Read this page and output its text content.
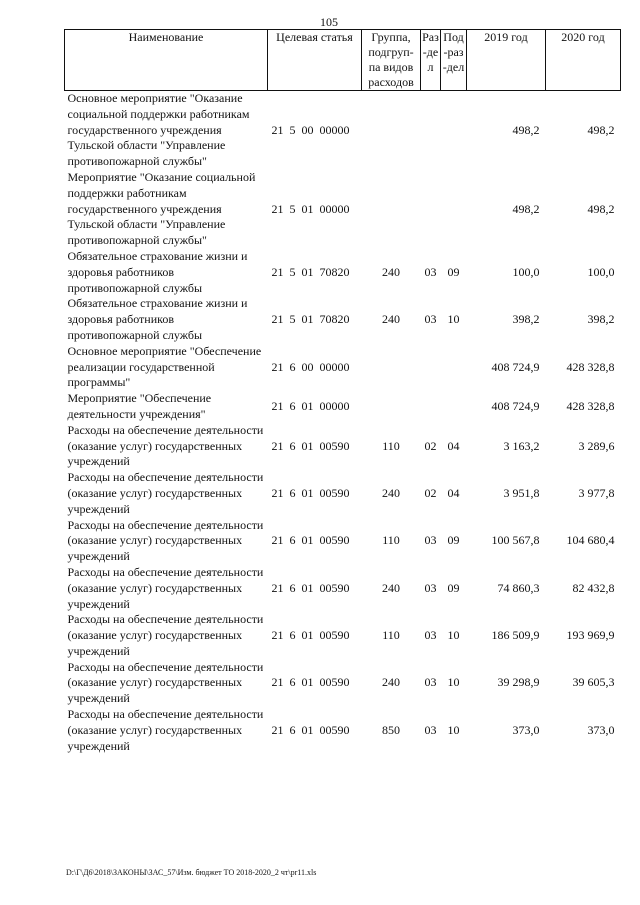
105
Наименование	Целевая статья	Группа, подгруп-па видов расходов	Раз-дел	Под-раз-дел	2019 год	2020 год
Основное мероприятие "Оказание социальной поддержки работникам государственного учреждения Тульской области "Управление противопожарной службы"	21  5  00  00000				498,2	498,2
Мероприятие "Оказание социальной поддержки работникам государственного учреждения Тульской области "Управление противопожарной службы"	21  5  01  00000				498,2	498,2
Обязательное страхование жизни и здоровья работников противопожарной службы	21  5  01  70820	240	03	09	100,0	100,0
Обязательное страхование жизни и здоровья работников противопожарной службы	21  5  01  70820	240	03	10	398,2	398,2
Основное мероприятие "Обеспечение реализации государственной программы"	21  6  00  00000				408 724,9	428 328,8
Мероприятие "Обеспечение деятельности учреждения"	21  6  01  00000				408 724,9	428 328,8
Расходы на обеспечение деятельности (оказание услуг) государственных учреждений	21  6  01  00590	110	02	04	3 163,2	3 289,6
Расходы на обеспечение деятельности (оказание услуг) государственных учреждений	21  6  01  00590	240	02	04	3 951,8	3 977,8
Расходы на обеспечение деятельности (оказание услуг) государственных учреждений	21  6  01  00590	110	03	09	100 567,8	104 680,4
Расходы на обеспечение деятельности (оказание услуг) государственных учреждений	21  6  01  00590	240	03	09	74 860,3	82 432,8
Расходы на обеспечение деятельности (оказание услуг) государственных учреждений	21  6  01  00590	110	03	10	186 509,9	193 969,9
Расходы на обеспечение деятельности (оказание услуг) государственных учреждений	21  6  01  00590	240	03	10	39 298,9	39 605,3
Расходы на обеспечение деятельности (оказание услуг) государственных учреждений	21  6  01  00590	850	03	10	373,0	373,0
D:\Г\Д6\2018\ЗАКОНЫ\ЗАС_57\Изм. бюджет ТО 2018-2020_2 чт\pr11.xls
